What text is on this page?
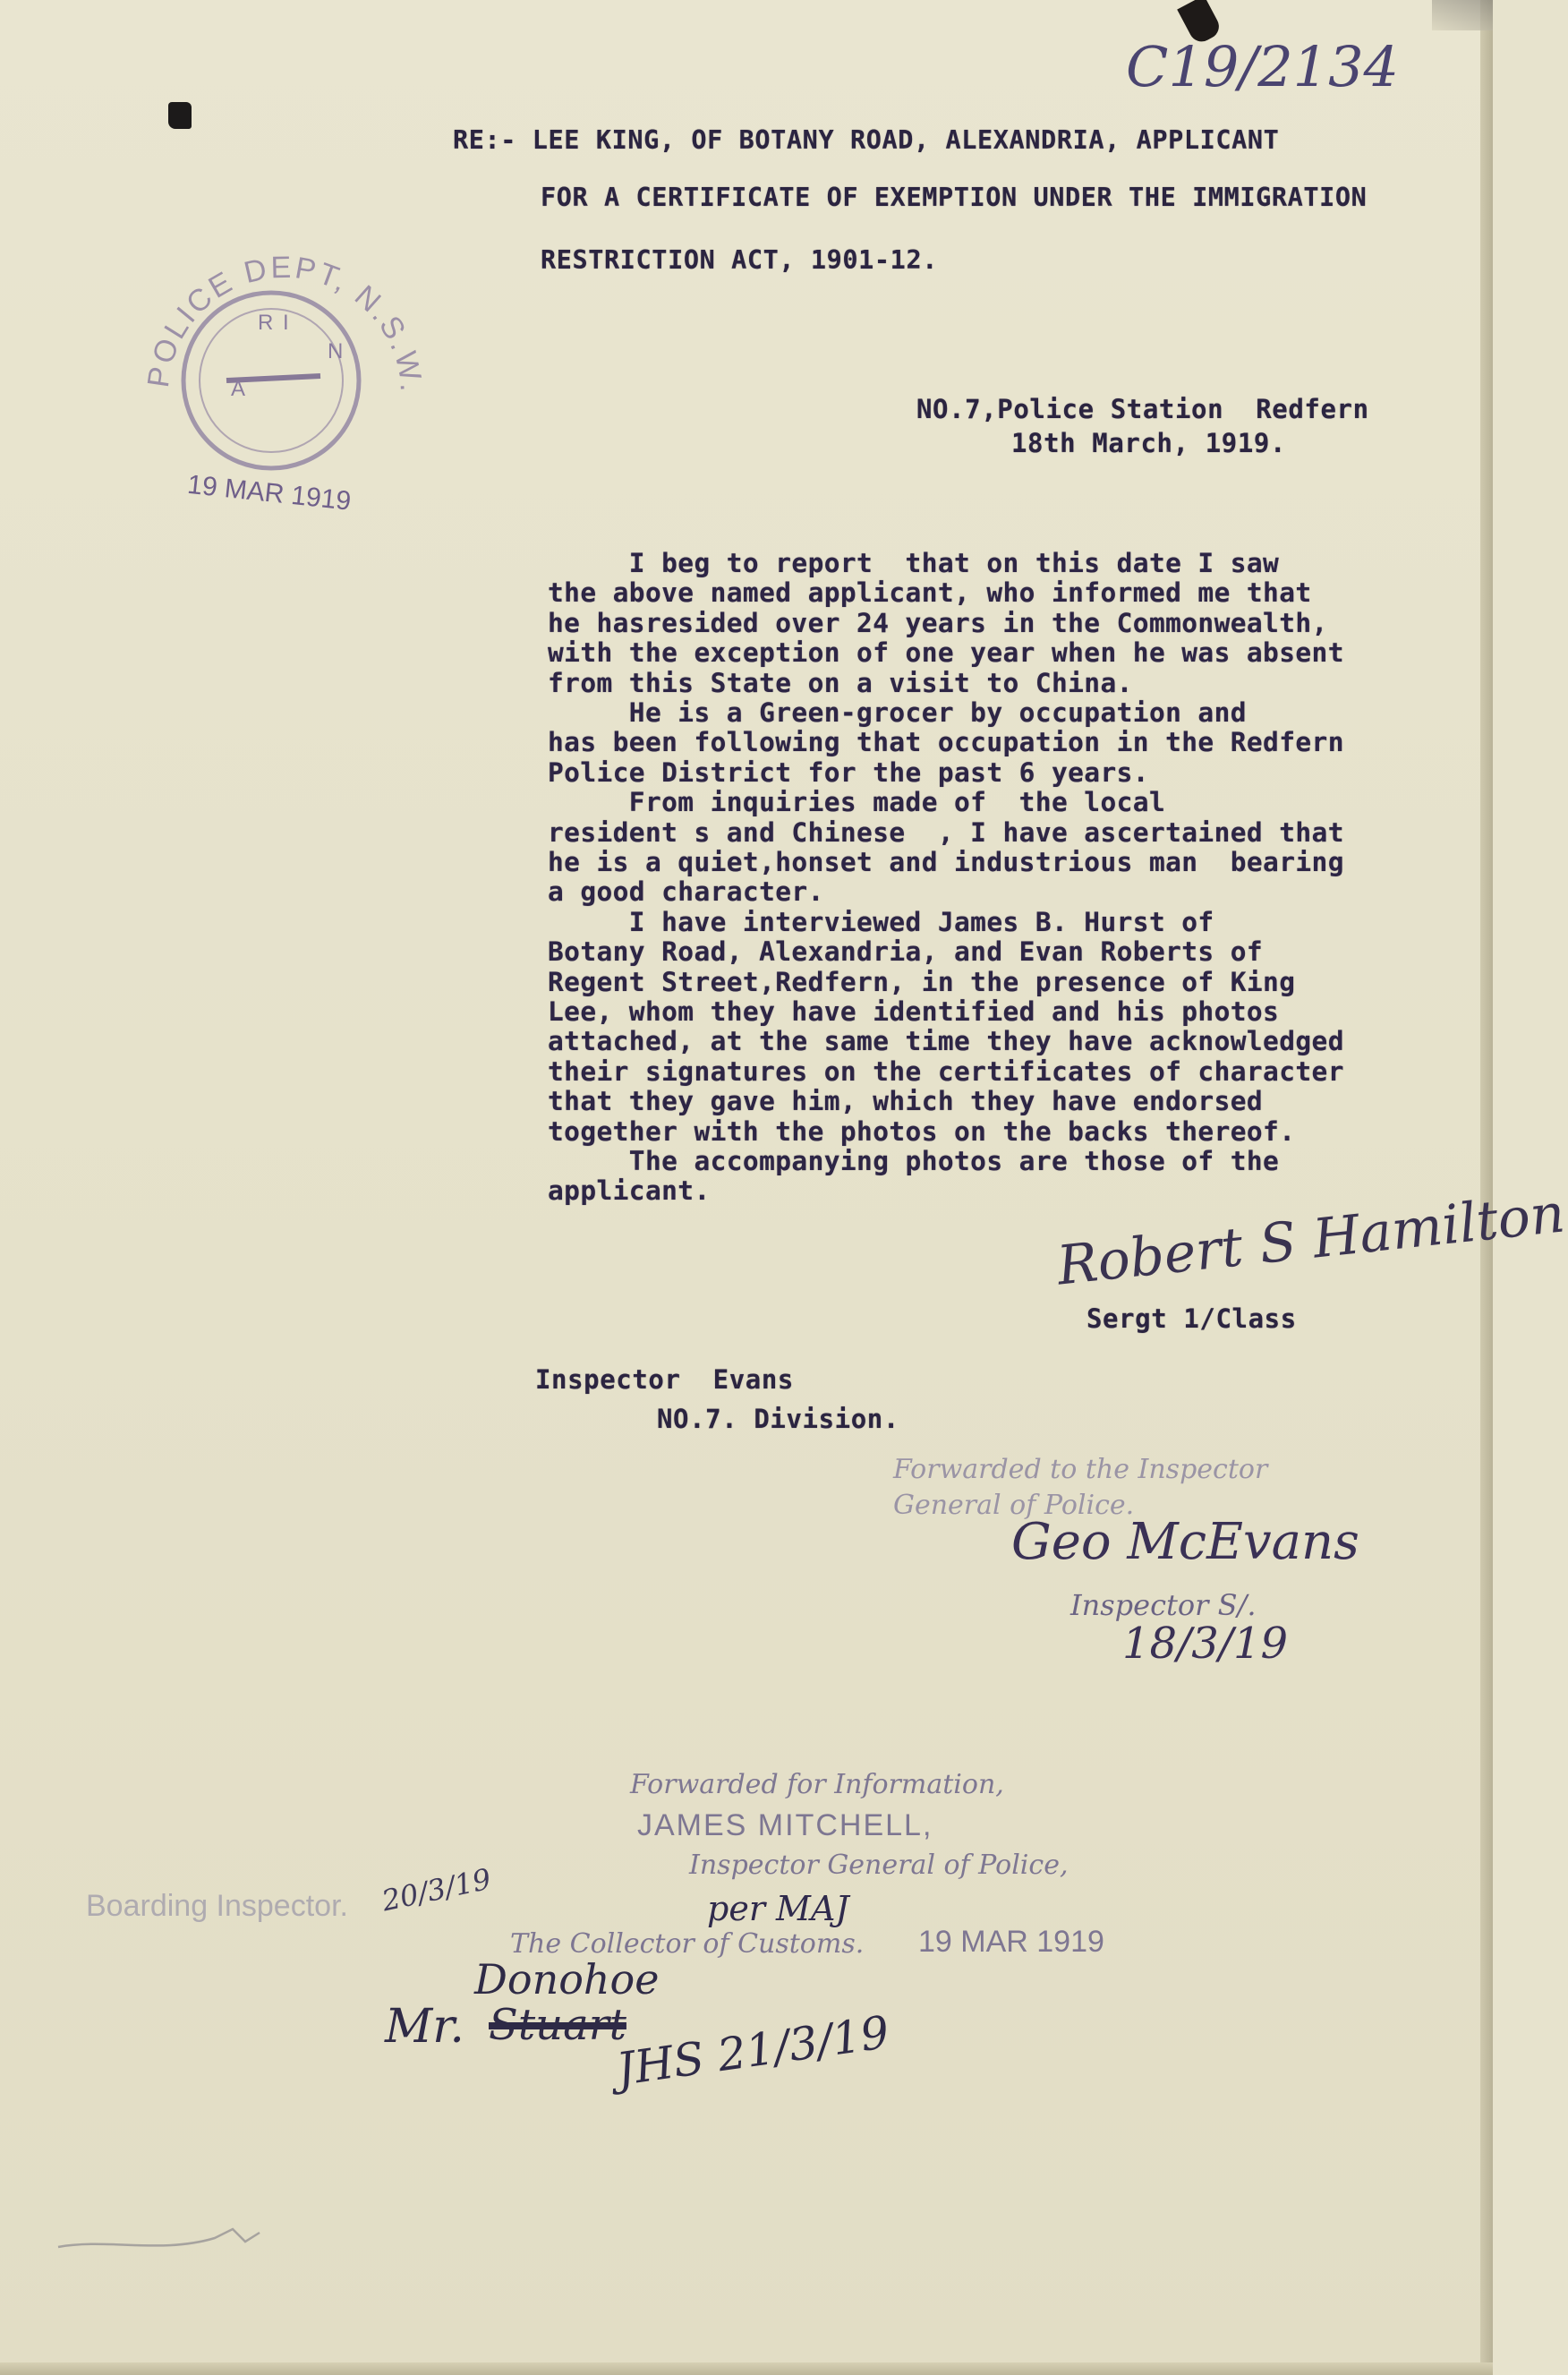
C19/2134
RE:- LEE KING, OF BOTANY ROAD, ALEXANDRIA, APPLICANT
FOR A CERTIFICATE OF EXEMPTION UNDER THE IMMIGRATION
RESTRICTION ACT, 1901-12.
POLICE DEPT, N.S.W.
R I
A
N
19 MAR 1919
NO.7,Police Station  Redfern
18th March, 1919.
I beg to report  that on this date I saw
the above named applicant, who informed me that
he hasresided over 24 years in the Commonwealth,
with the exception of one year when he was absent
from this State on a visit to China.
He is a Green-grocer by occupation and
has been following that occupation in the Redfern
Police District for the past 6 years.
From inquiries made of  the local
resident s and Chinese  , I have ascertained that
he is a quiet,honset and industrious man  bearing
a good character.
I have interviewed James B. Hurst of
Botany Road, Alexandria, and Evan Roberts of
Regent Street,Redfern, in the presence of King
Lee, whom they have identified and his photos
attached, at the same time they have acknowledged
their signatures on the certificates of character
that they gave him, which they have endorsed
together with the photos on the backs thereof.
The accompanying photos are those of the
applicant.	Robert S Hamilton
Sergt 1/Class
Inspector  Evans
NO.7. Division.
Forwarded to the Inspector
General of Police.
Geo McEvans
Inspector S/.
18/3/19
Forwarded for Information,
JAMES MITCHELL,
Inspector General of Police,
The Collector of Customs. 19 MAR 1919
per MAJ
Boarding Inspector. 20/3/19
Mr. Stuart
Donohoe
JHS 21/3/19
